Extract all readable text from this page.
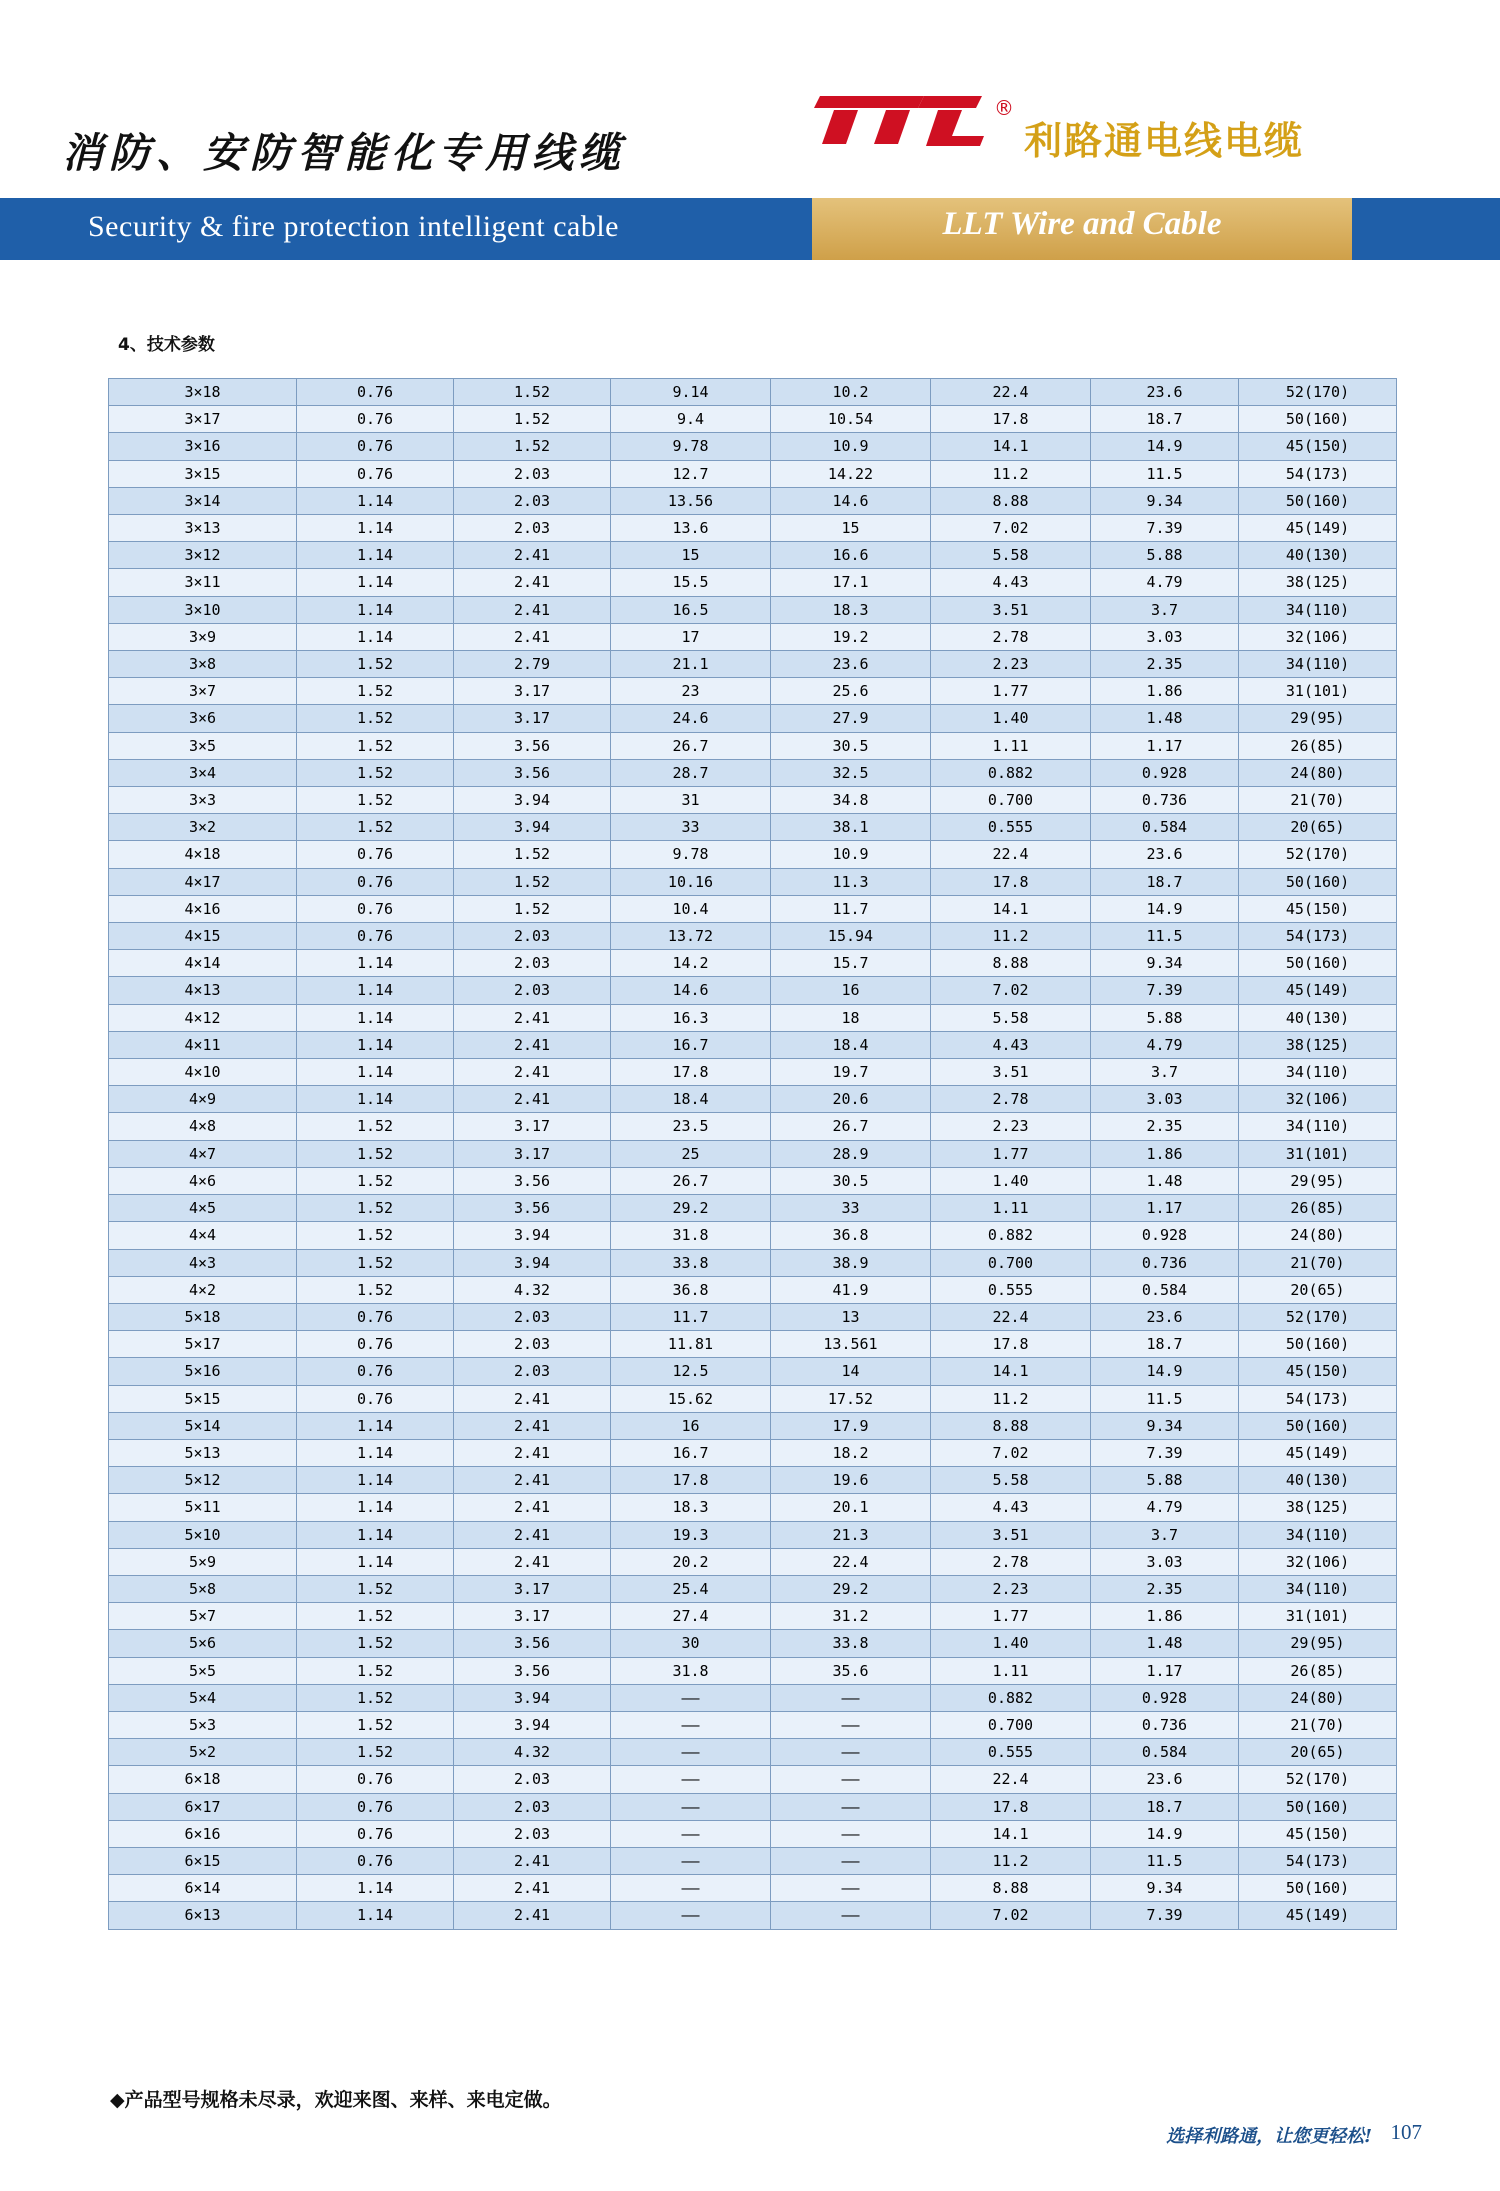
消防、安防智能化专用线缆
Security & fire protection intelligent cable
®
利路通电线电缆
LLT Wire and Cable
4、技术参数
3×18	0.76	1.52	9.14	10.2	22.4	23.6	52(170)
3×17	0.76	1.52	9.4	10.54	17.8	18.7	50(160)
3×16	0.76	1.52	9.78	10.9	14.1	14.9	45(150)
3×15	0.76	2.03	12.7	14.22	11.2	11.5	54(173)
3×14	1.14	2.03	13.56	14.6	8.88	9.34	50(160)
3×13	1.14	2.03	13.6	15	7.02	7.39	45(149)
3×12	1.14	2.41	15	16.6	5.58	5.88	40(130)
3×11	1.14	2.41	15.5	17.1	4.43	4.79	38(125)
3×10	1.14	2.41	16.5	18.3	3.51	3.7	34(110)
3×9	1.14	2.41	17	19.2	2.78	3.03	32(106)
3×8	1.52	2.79	21.1	23.6	2.23	2.35	34(110)
3×7	1.52	3.17	23	25.6	1.77	1.86	31(101)
3×6	1.52	3.17	24.6	27.9	1.40	1.48	29(95)
3×5	1.52	3.56	26.7	30.5	1.11	1.17	26(85)
3×4	1.52	3.56	28.7	32.5	0.882	0.928	24(80)
3×3	1.52	3.94	31	34.8	0.700	0.736	21(70)
3×2	1.52	3.94	33	38.1	0.555	0.584	20(65)
4×18	0.76	1.52	9.78	10.9	22.4	23.6	52(170)
4×17	0.76	1.52	10.16	11.3	17.8	18.7	50(160)
4×16	0.76	1.52	10.4	11.7	14.1	14.9	45(150)
4×15	0.76	2.03	13.72	15.94	11.2	11.5	54(173)
4×14	1.14	2.03	14.2	15.7	8.88	9.34	50(160)
4×13	1.14	2.03	14.6	16	7.02	7.39	45(149)
4×12	1.14	2.41	16.3	18	5.58	5.88	40(130)
4×11	1.14	2.41	16.7	18.4	4.43	4.79	38(125)
4×10	1.14	2.41	17.8	19.7	3.51	3.7	34(110)
4×9	1.14	2.41	18.4	20.6	2.78	3.03	32(106)
4×8	1.52	3.17	23.5	26.7	2.23	2.35	34(110)
4×7	1.52	3.17	25	28.9	1.77	1.86	31(101)
4×6	1.52	3.56	26.7	30.5	1.40	1.48	29(95)
4×5	1.52	3.56	29.2	33	1.11	1.17	26(85)
4×4	1.52	3.94	31.8	36.8	0.882	0.928	24(80)
4×3	1.52	3.94	33.8	38.9	0.700	0.736	21(70)
4×2	1.52	4.32	36.8	41.9	0.555	0.584	20(65)
5×18	0.76	2.03	11.7	13	22.4	23.6	52(170)
5×17	0.76	2.03	11.81	13.561	17.8	18.7	50(160)
5×16	0.76	2.03	12.5	14	14.1	14.9	45(150)
5×15	0.76	2.41	15.62	17.52	11.2	11.5	54(173)
5×14	1.14	2.41	16	17.9	8.88	9.34	50(160)
5×13	1.14	2.41	16.7	18.2	7.02	7.39	45(149)
5×12	1.14	2.41	17.8	19.6	5.58	5.88	40(130)
5×11	1.14	2.41	18.3	20.1	4.43	4.79	38(125)
5×10	1.14	2.41	19.3	21.3	3.51	3.7	34(110)
5×9	1.14	2.41	20.2	22.4	2.78	3.03	32(106)
5×8	1.52	3.17	25.4	29.2	2.23	2.35	34(110)
5×7	1.52	3.17	27.4	31.2	1.77	1.86	31(101)
5×6	1.52	3.56	30	33.8	1.40	1.48	29(95)
5×5	1.52	3.56	31.8	35.6	1.11	1.17	26(85)
5×4	1.52	3.94	——	——	0.882	0.928	24(80)
5×3	1.52	3.94	——	——	0.700	0.736	21(70)
5×2	1.52	4.32	——	——	0.555	0.584	20(65)
6×18	0.76	2.03	——	——	22.4	23.6	52(170)
6×17	0.76	2.03	——	——	17.8	18.7	50(160)
6×16	0.76	2.03	——	——	14.1	14.9	45(150)
6×15	0.76	2.41	——	——	11.2	11.5	54(173)
6×14	1.14	2.41	——	——	8.88	9.34	50(160)
6×13	1.14	2.41	——	——	7.02	7.39	45(149)
◆产品型号规格未尽录，欢迎来图、来样、来电定做。
选择利路通，让您更轻松! 107
